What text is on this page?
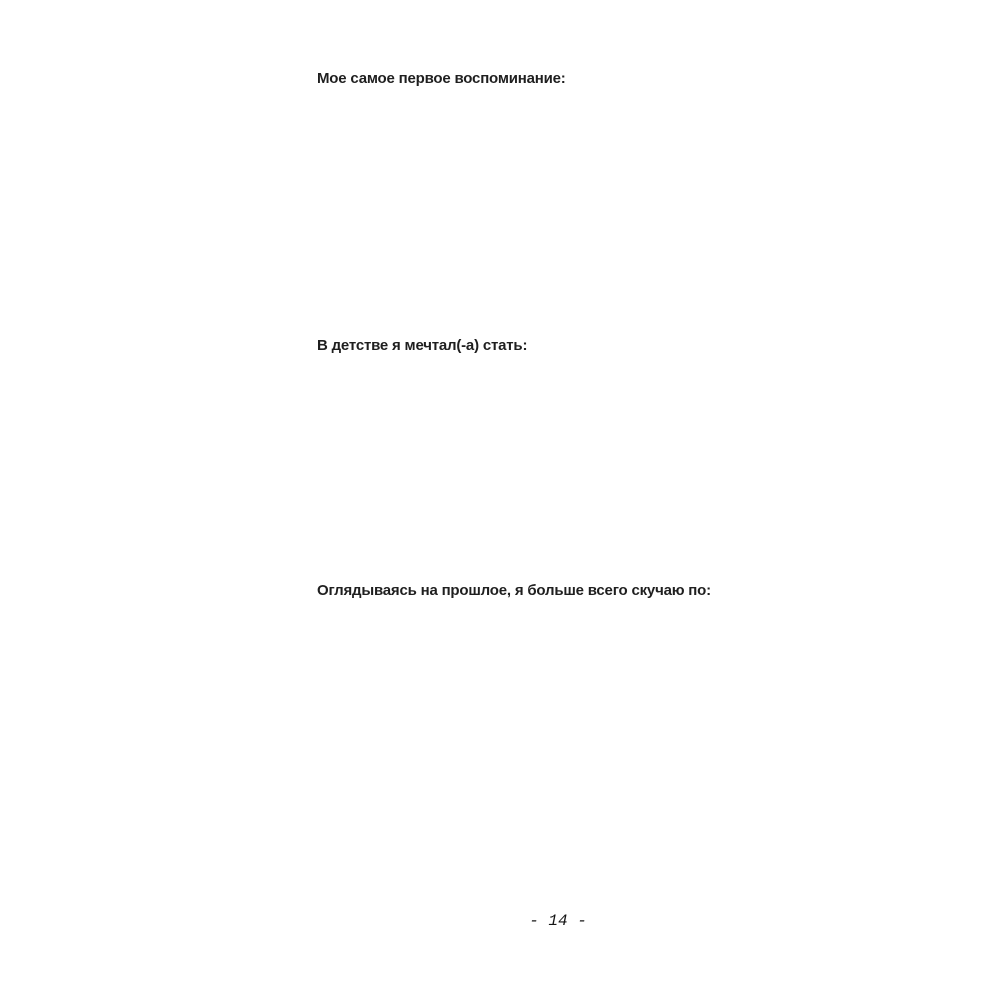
Мое самое первое воспоминание:
В детстве я мечтал(-а) стать:
Оглядываясь на прошлое, я больше всего скучаю по:
- 14 -
